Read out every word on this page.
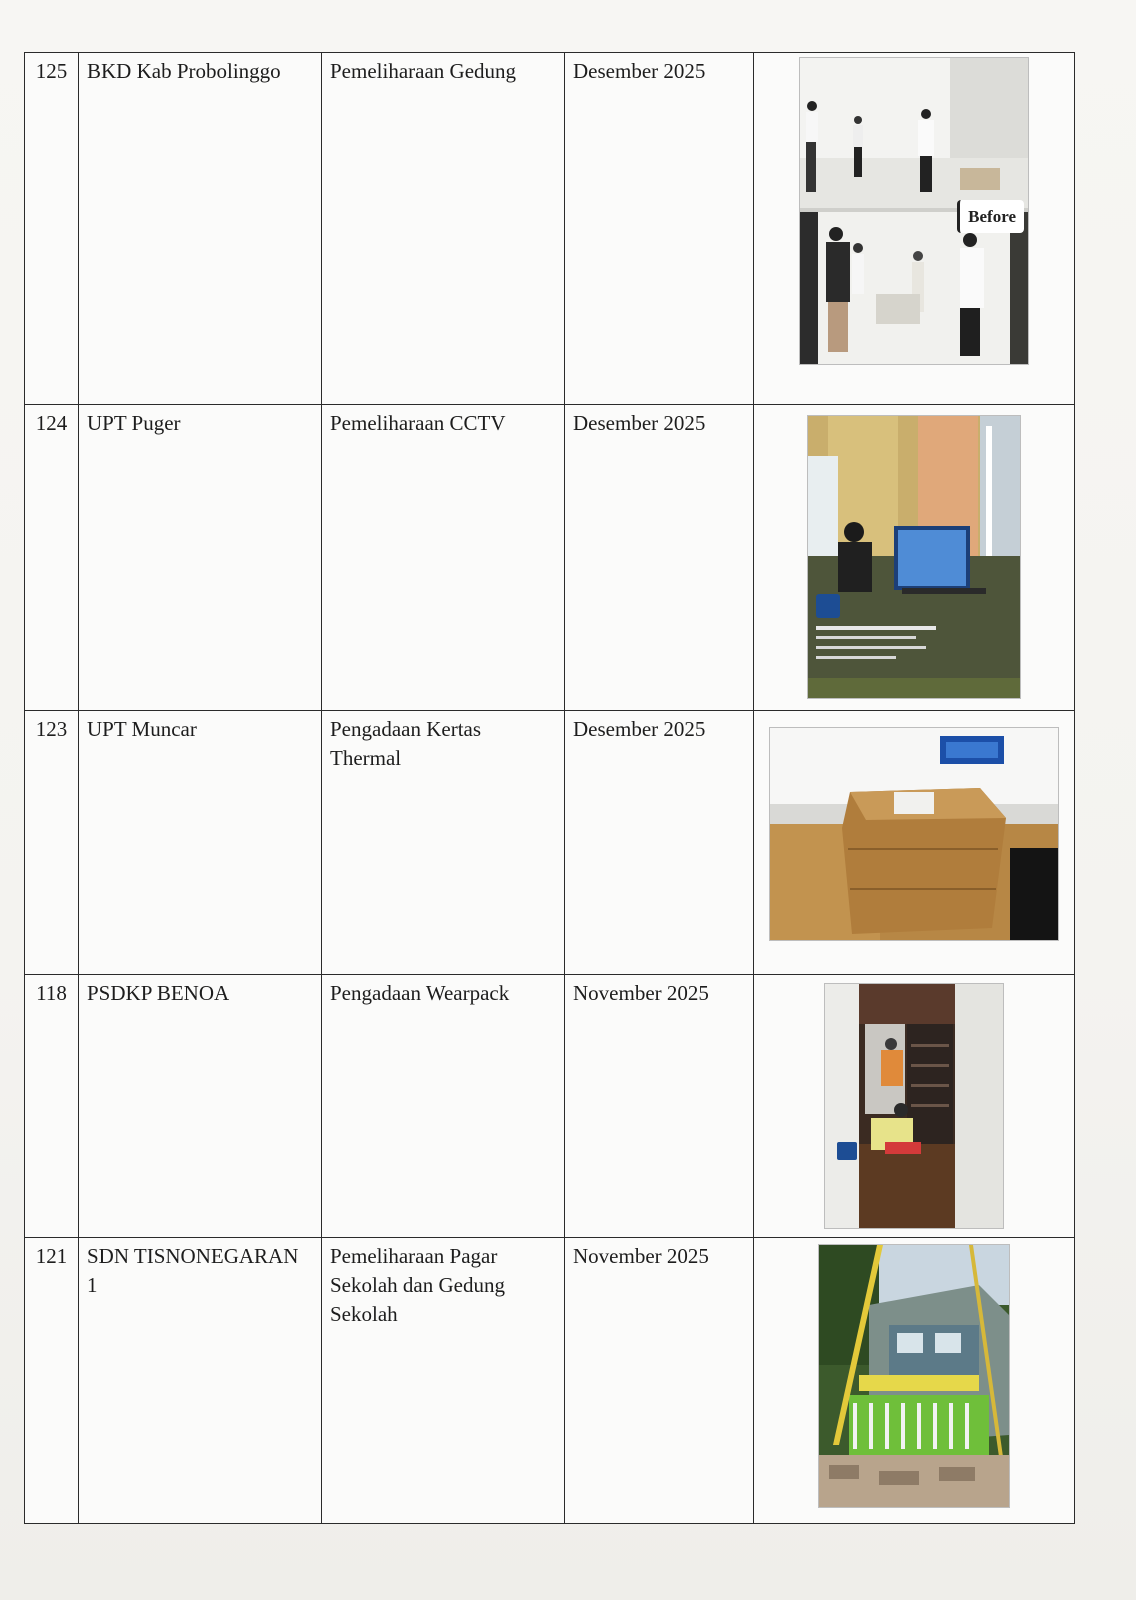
125	BKD Kab Probolinggo	Pemeliharaan Gedung	Desember 2025	Before

124	UPT Puger	Pemeliharaan CCTV	Desember 2025	

123	UPT Muncar	Pengadaan Kertas Thermal	Desember 2025	

118	PSDKP BENOA	Pengadaan Wearpack	November 2025	

121	SDN TISNONEGARAN 1	Pemeliharaan Pagar Sekolah dan Gedung Sekolah	November 2025	
